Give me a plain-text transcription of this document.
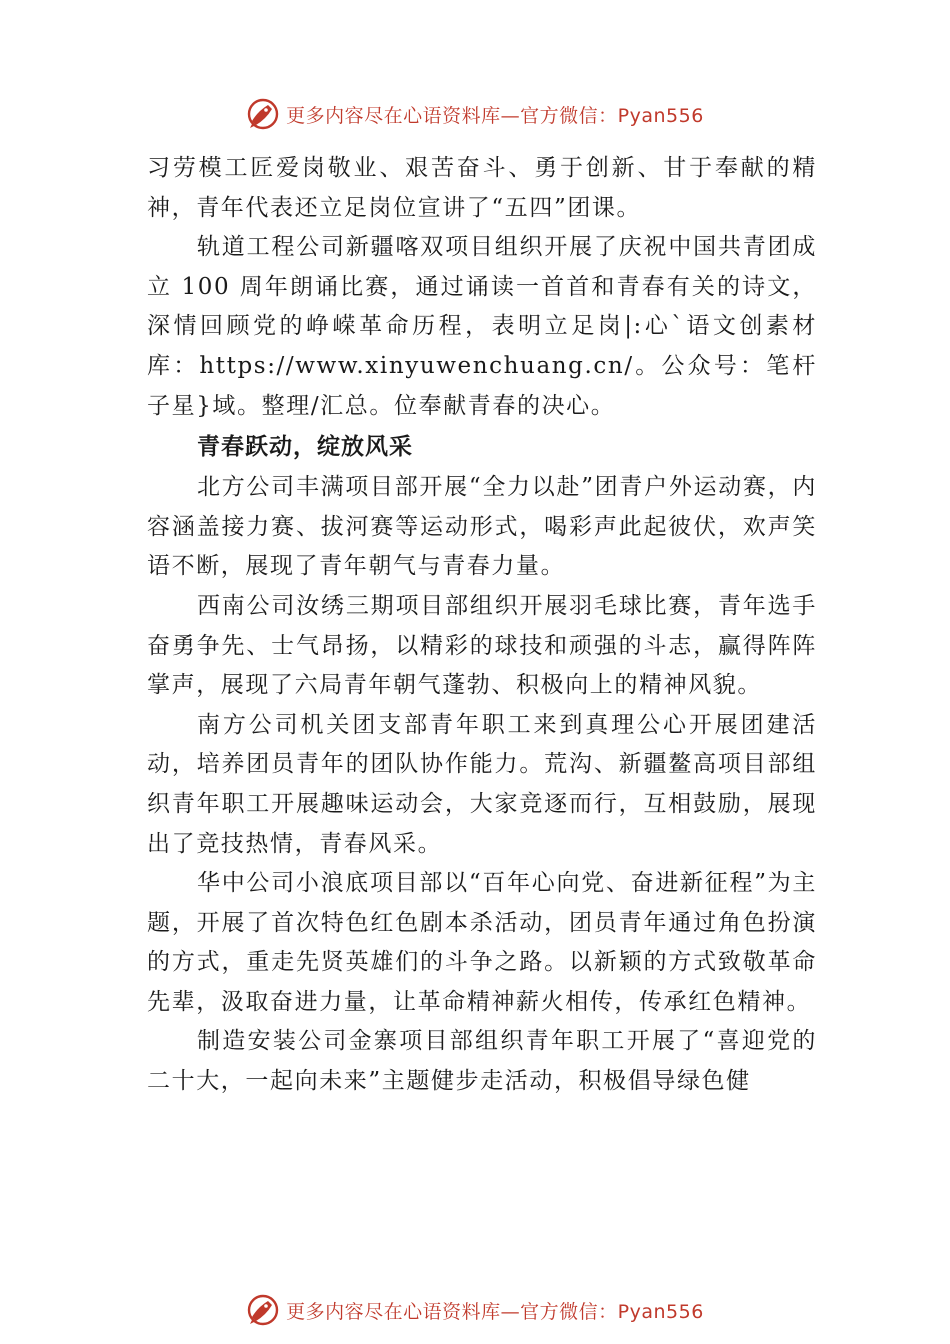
更多内容尽在心语资料库—官方微信：Pyan556

习劳模工匠爱岗敬业、艰苦奋斗、勇于创新、甘于奉献的精神，青年代表还立足岗位宣讲了“五四”团课。

轨道工程公司新疆喀双项目组织开展了庆祝中国共青团成立 100 周年朗诵比赛，通过诵读一首首和青春有关的诗文，深情回顾党的峥嵘革命历程，表明立足岗|:心`语文创素材库：https://www.xinyuwenchuang.cn/。公众号：笔杆子星}域。整理/汇总。位奉献青春的决心。

青春跃动，绽放风采

北方公司丰满项目部开展“全力以赴”团青户外运动赛，内容涵盖接力赛、拔河赛等运动形式，喝彩声此起彼伏，欢声笑语不断，展现了青年朝气与青春力量。

西南公司汝绣三期项目部组织开展羽毛球比赛，青年选手奋勇争先、士气昂扬，以精彩的球技和顽强的斗志，赢得阵阵掌声，展现了六局青年朝气蓬勃、积极向上的精神风貌。

南方公司机关团支部青年职工来到真理公心开展团建活动，培养团员青年的团队协作能力。荒沟、新疆鳌高项目部组织青年职工开展趣味运动会，大家竞逐而行，互相鼓励，展现出了竞技热情，青春风采。

华中公司小浪底项目部以“百年心向党、奋进新征程”为主题，开展了首次特色红色剧本杀活动，团员青年通过角色扮演的方式，重走先贤英雄们的斗争之路。以新颖的方式致敬革命先辈，汲取奋进力量，让革命精神薪火相传，传承红色精神。

制造安装公司金寨项目部组织青年职工开展了“喜迎党的二十大，一起向未来”主题健步走活动，积极倡导绿色健

更多内容尽在心语资料库—官方微信：Pyan556
